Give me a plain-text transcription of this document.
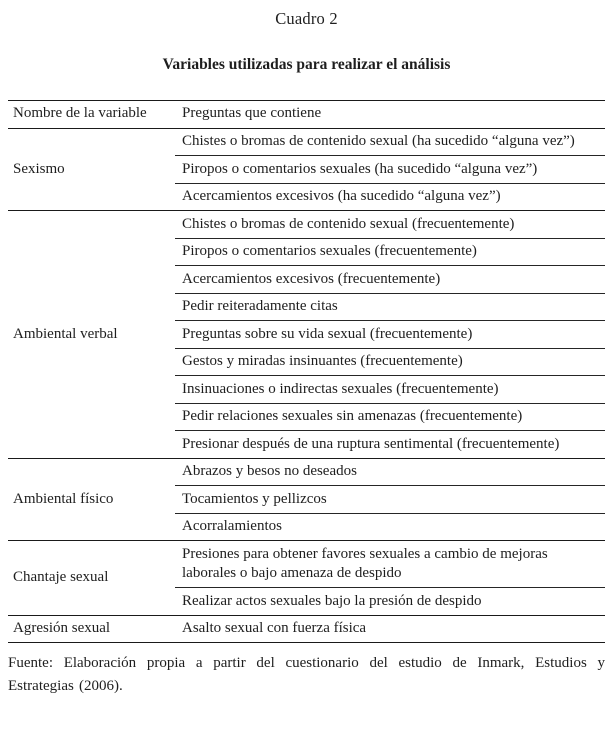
Cuadro 2
Variables utilizadas para realizar el análisis
Nombre de la variable	Preguntas que contiene
Sexismo	Chistes o bromas de contenido sexual (ha sucedido “alguna vez”)
	Piropos o comentarios sexuales (ha sucedido “alguna vez”)
	Acercamientos excesivos (ha sucedido “alguna vez”)
Ambiental verbal	Chistes o bromas de contenido sexual (frecuentemente)
	Piropos o comentarios sexuales (frecuentemente)
	Acercamientos excesivos (frecuentemente)
	Pedir reiteradamente citas
	Preguntas sobre su vida sexual (frecuentemente)
	Gestos y miradas insinuantes (frecuentemente)
	Insinuaciones o indirectas sexuales (frecuentemente)
	Pedir relaciones sexuales sin amenazas (frecuentemente)
	Presionar después de una ruptura sentimental (frecuentemente)
Ambiental físico	Abrazos y besos no deseados
	Tocamientos y pellizcos
	Acorralamientos
Chantaje sexual	Presiones para obtener favores sexuales a cambio de mejoras laborales o bajo amenaza de despido
	Realizar actos sexuales bajo la presión de despido
Agresión sexual	Asalto sexual con fuerza física
Fuente: Elaboración propia a partir del cuestionario del estudio de Inmark, Estudios y Estrategias (2006).
